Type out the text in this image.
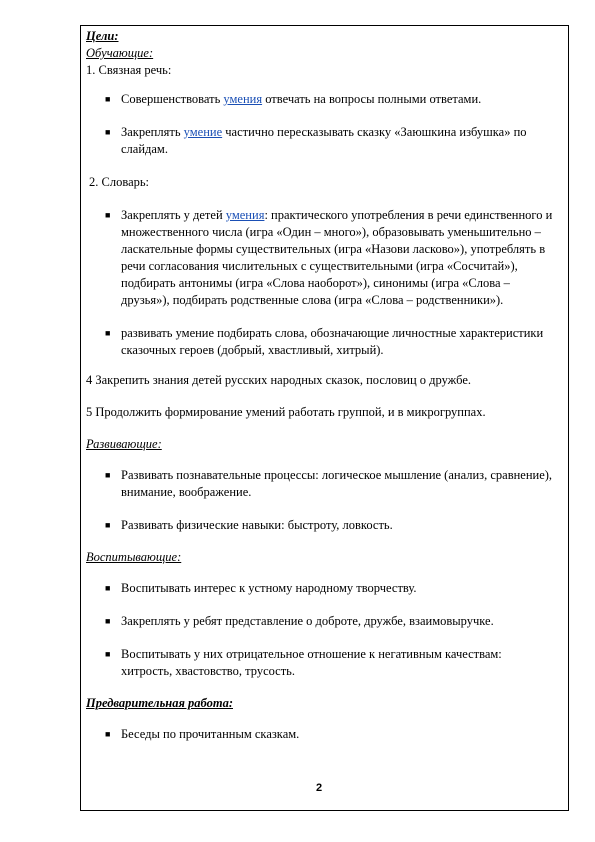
Цели:
Обучающие:
1. Связная речь:
■ Совершенствовать умения отвечать на вопросы полными ответами.
■ Закреплять умение частично пересказывать сказку «Заюшкина избушка» по слайдам.
2. Словарь:
■ Закреплять у детей умения: практического употребления в речи единственного и множественного числа (игра «Один – много»), образовывать уменьшительно – ласкательные формы существительных (игра «Назови ласково»), употреблять в речи согласования числительных с существительными (игра «Сосчитай»), подбирать антонимы (игра «Слова наоборот»), синонимы (игра «Слова – друзья»), подбирать родственные слова (игра «Слова – родственники»).
■ развивать умение подбирать слова, обозначающие личностные характеристики сказочных героев (добрый, хвастливый, хитрый).
4 Закрепить знания детей русских народных сказок, пословиц о дружбе.
5 Продолжить формирование умений работать группой, и в микрогруппах.
Развивающие:
■ Развивать познавательные процессы: логическое мышление (анализ, сравнение), внимание, воображение.
■ Развивать физические навыки: быстроту, ловкость.
Воспитывающие:
■ Воспитывать интерес к устному народному творчеству.
■ Закреплять у ребят представление о доброте, дружбе, взаимовыручке.
■ Воспитывать у них отрицательное отношение к негативным качествам: хитрость, хвастовство, трусость.
Предварительная работа:
■ Беседы по прочитанным сказкам.
2
